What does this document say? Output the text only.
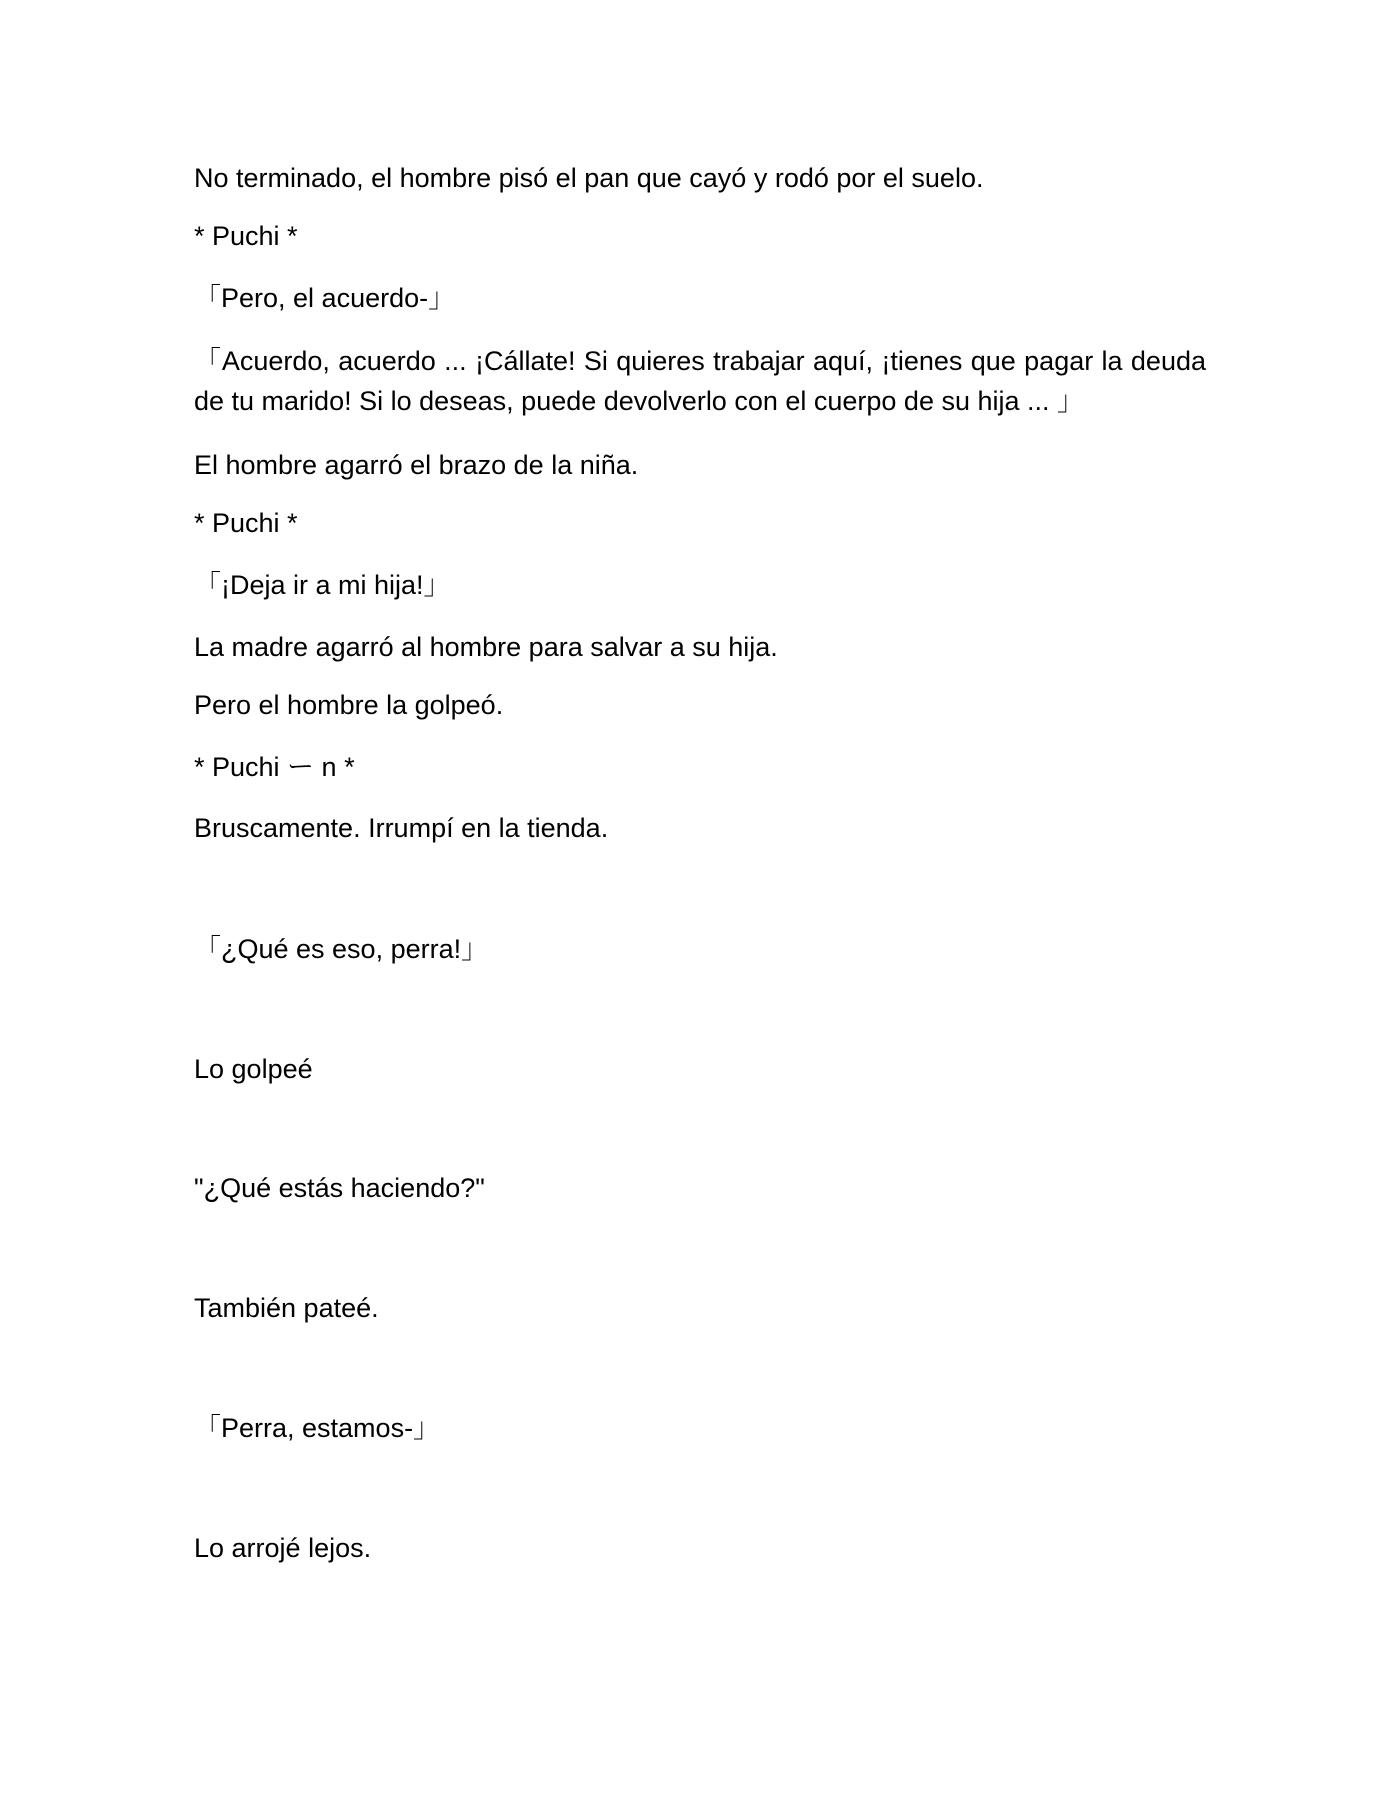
No terminado, el hombre pisó el pan que cayó y rodó por el suelo.

* Puchi *

「Pero, el acuerdo-」

「Acuerdo, acuerdo ... ¡Cállate! Si quieres trabajar aquí, ¡tienes que pagar la deuda de tu marido! Si lo deseas, puede devolverlo con el cuerpo de su hija ... 」

El hombre agarró el brazo de la niña.

* Puchi *

「¡Deja ir a mi hija!」

La madre agarró al hombre para salvar a su hija.

Pero el hombre la golpeó.

* Puchi ー n *

Bruscamente. Irrumpí en la tienda.

「¿Qué es eso, perra!」

Lo golpeé

"¿Qué estás haciendo?"

También pateé.

「Perra, estamos-」

Lo arrojé lejos.
